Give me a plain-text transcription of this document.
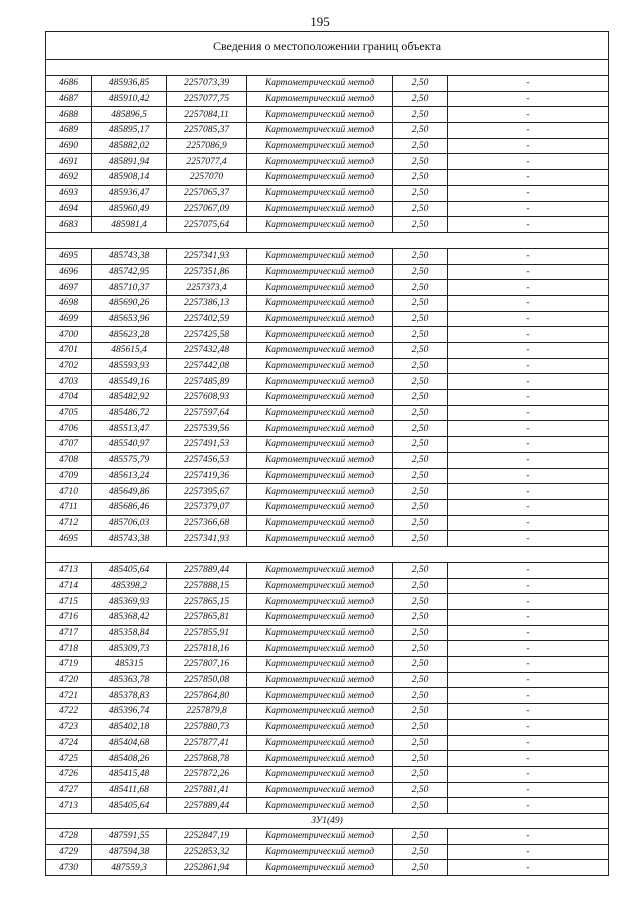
195
Сведения о местоположении границ объекта					

4686	485936,85	2257073,39	Картометрический метод	2,50	-
4687	485910,42	2257077,75	Картометрический метод	2,50	-
4688	485896,5	2257084,11	Картометрический метод	2,50	-
4689	485895,17	2257085,37	Картометрический метод	2,50	-
4690	485882,02	2257086,9	Картометрический метод	2,50	-
4691	485891,94	2257077,4	Картометрический метод	2,50	-
4692	485908,14	2257070	Картометрический метод	2,50	-
4693	485936,47	2257065,37	Картометрический метод	2,50	-
4694	485960,49	2257067,09	Картометрический метод	2,50	-
4683	485981,4	2257075,64	Картометрический метод	2,50	-

4695	485743,38	2257341,93	Картометрический метод	2,50	-
4696	485742,95	2257351,86	Картометрический метод	2,50	-
4697	485710,37	2257373,4	Картометрический метод	2,50	-
4698	485690,26	2257386,13	Картометрический метод	2,50	-
4699	485653,96	2257402,59	Картометрический метод	2,50	-
4700	485623,28	2257425,58	Картометрический метод	2,50	-
4701	485615,4	2257432,48	Картометрический метод	2,50	-
4702	485593,93	2257442,08	Картометрический метод	2,50	-
4703	485549,16	2257485,89	Картометрический метод	2,50	-
4704	485482,92	2257608,93	Картометрический метод	2,50	-
4705	485486,72	2257597,64	Картометрический метод	2,50	-
4706	485513,47	2257539,56	Картометрический метод	2,50	-
4707	485540,97	2257491,53	Картометрический метод	2,50	-
4708	485575,79	2257456,53	Картометрический метод	2,50	-
4709	485613,24	2257419,36	Картометрический метод	2,50	-
4710	485649,86	2257395,67	Картометрический метод	2,50	-
4711	485686,46	2257379,07	Картометрический метод	2,50	-
4712	485706,03	2257366,68	Картометрический метод	2,50	-
4695	485743,38	2257341,93	Картометрический метод	2,50	-

4713	485405,64	2257889,44	Картометрический метод	2,50	-
4714	485398,2	2257888,15	Картометрический метод	2,50	-
4715	485369,93	2257865,15	Картометрический метод	2,50	-
4716	485368,42	2257865,81	Картометрический метод	2,50	-
4717	485358,84	2257855,91	Картометрический метод	2,50	-
4718	485309,73	2257818,16	Картометрический метод	2,50	-
4719	485315	2257807,16	Картометрический метод	2,50	-
4720	485363,78	2257850,08	Картометрический метод	2,50	-
4721	485378,83	2257864,80	Картометрический метод	2,50	-
4722	485396,74	2257879,8	Картометрический метод	2,50	-
4723	485402,18	2257880,73	Картометрический метод	2,50	-
4724	485404,68	2257877,41	Картометрический метод	2,50	-
4725	485408,26	2257868,78	Картометрический метод	2,50	-
4726	485415,48	2257872,26	Картометрический метод	2,50	-
4727	485411,68	2257881,41	Картометрический метод	2,50	-
4713	485405,64	2257889,44	Картометрический метод	2,50	-
ЗУ1(49)					
4728	487591,55	2252847,19	Картометрический метод	2,50	-
4729	487594,38	2252853,32	Картометрический метод	2,50	-
4730	487559,3	2252861,94	Картометрический метод	2,50	-
